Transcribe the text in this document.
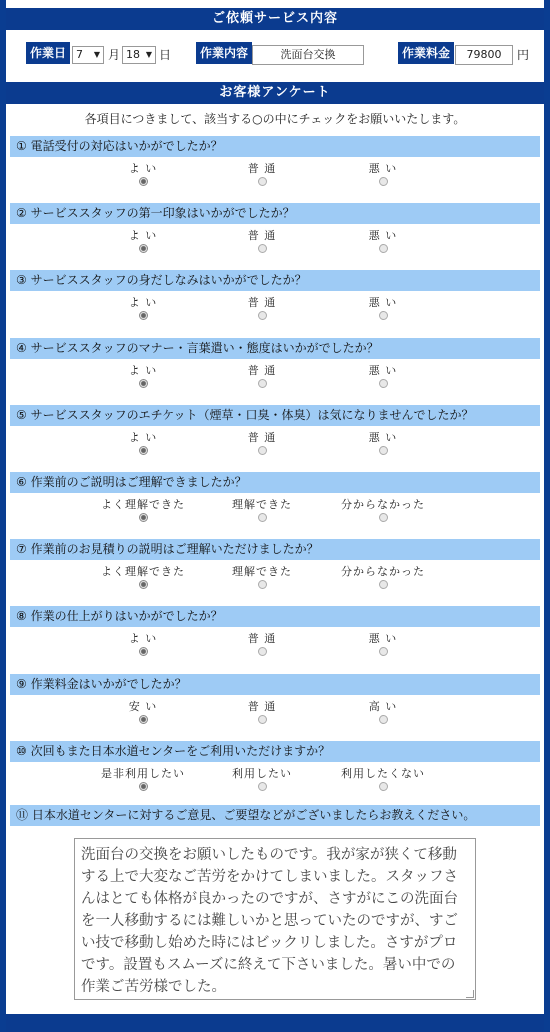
ご依頼サービス内容
作業日 7 ▼ 月 18 ▼ 日	作業内容	洗面台交換	作業料金	79800	円
お客様アンケート
各項目につきまして、該当する○の中にチェックをお願いいたします。
① 電話受付の対応はいかがでしたか？
よ い	普 通	悪 い
② サービススタッフの第一印象はいかがでしたか？
よ い	普 通	悪 い
③ サービススタッフの身だしなみはいかがでしたか？
よ い	普 通	悪 い
④ サービススタッフのマナー・言葉遣い・態度はいかがでしたか？
よ い	普 通	悪 い
⑤ サービススタッフのエチケット（煙草・口臭・体臭）は気になりませんでしたか？
よ い	普 通	悪 い
⑥ 作業前のご説明はご理解できましたか？
よく理解できた	理解できた	分からなかった
⑦ 作業前のお見積りの説明はご理解いただけましたか？
よく理解できた	理解できた	分からなかった
⑧ 作業の仕上がりはいかがでしたか？
よ い	普 通	悪 い
⑨ 作業料金はいかがでしたか？
安 い	普 通	高 い
⑩ 次回もまた日本水道センターをご利用いただけますか？
是非利用したい	利用したい	利用したくない
⑪ 日本水道センターに対するご意見、ご要望などがございましたらお教えください。
洗面台の交換をお願いしたものです。我が家が狭くて移動する上で大変なご苦労をかけてしまいました。スタッフさんはとても体格が良かったのですが、さすがにこの洗面台を一人移動するには難しいかと思っていたのですが、すごい技で移動し始めた時にはビックリしました。さすがプロです。設置もスムーズに終えて下さいました。暑い中での作業ご苦労様でした。
